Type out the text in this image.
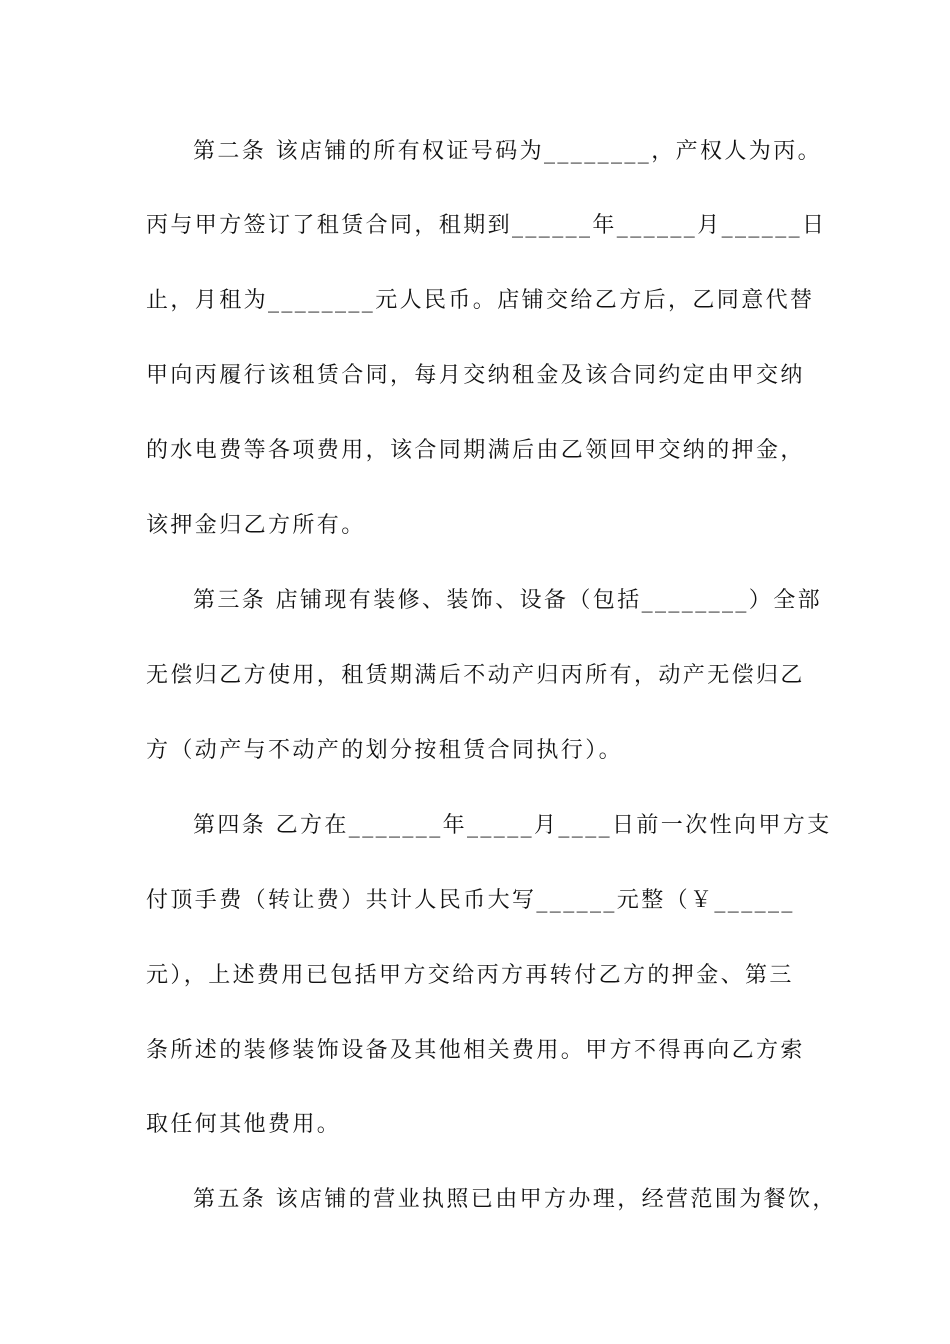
第二条 该店铺的所有权证号码为________，产权人为丙。
丙与甲方签订了租赁合同，租期到______年______月______日
止，月租为________元人民币。店铺交给乙方后，乙同意代替
甲向丙履行该租赁合同，每月交纳租金及该合同约定由甲交纳
的水电费等各项费用，该合同期满后由乙领回甲交纳的押金，
该押金归乙方所有。
第三条 店铺现有装修、装饰、设备（包括________）全部
无偿归乙方使用，租赁期满后不动产归丙所有，动产无偿归乙
方（动产与不动产的划分按租赁合同执行）。
第四条 乙方在_______年_____月____日前一次性向甲方支
付顶手费（转让费）共计人民币大写______元整（￥______
元），上述费用已包括甲方交给丙方再转付乙方的押金、第三
条所述的装修装饰设备及其他相关费用。甲方不得再向乙方索
取任何其他费用。
第五条 该店铺的营业执照已由甲方办理，经营范围为餐饮，
